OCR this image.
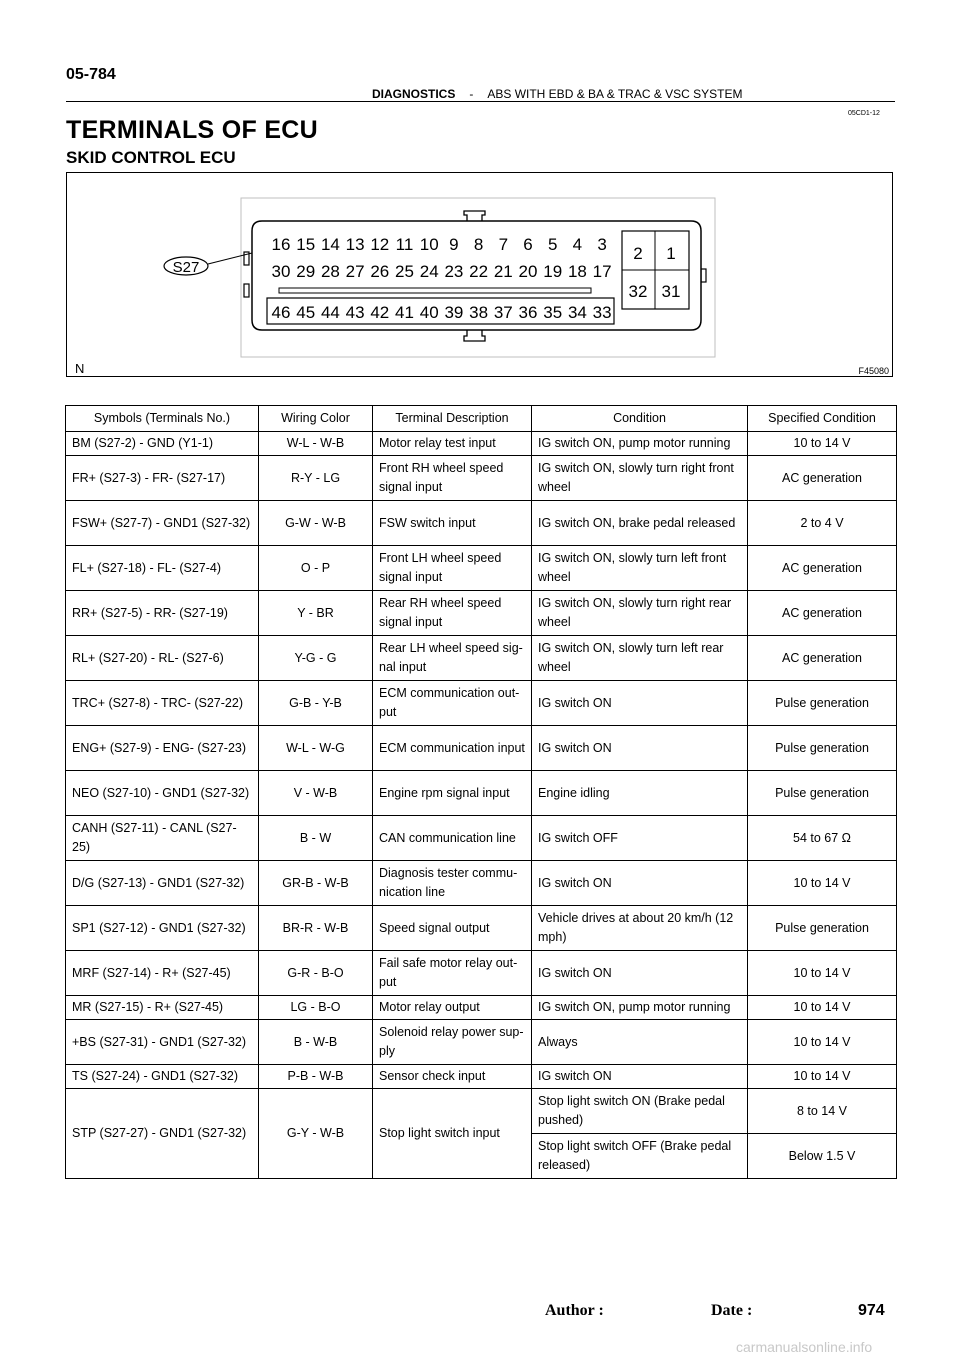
05-784
DIAGNOSTICS - ABS WITH EBD & BA & TRAC & VSC SYSTEM
05CD1-12
TERMINALS OF ECU
SKID CONTROL ECU
16 15 14 13 12 11 10 9 8 7 6 5 4 3
30 29 28 27 26 25 24 23 22 21 20 19 18 17
46 45 44 43 42 41 40 39 38 37 36 35 34 33
2 1
32 31
S27
N	F45080
Symbols (Terminals No.)	Wiring Color	Terminal Description	Condition	Specified Condition
BM (S27-2) - GND (Y1-1)	W-L - W-B	Motor relay test input	IG switch ON, pump motor running	10 to 14 V
FR+ (S27-3) - FR- (S27-17)	R-Y - LG	Front RH wheel speed signal input	IG switch ON, slowly turn right front wheel	AC generation
FSW+ (S27-7) - GND1 (S27-32)	G-W - W-B	FSW switch input	IG switch ON, brake pedal released	2 to 4 V
FL+ (S27-18) - FL- (S27-4)	O - P	Front LH wheel speed signal input	IG switch ON, slowly turn left front wheel	AC generation
RR+ (S27-5) - RR- (S27-19)	Y - BR	Rear RH wheel speed signal input	IG switch ON, slowly turn right rear wheel	AC generation
RL+ (S27-20) - RL- (S27-6)	Y-G - G	Rear LH wheel speed sig-nal input	IG switch ON, slowly turn left rear wheel	AC generation
TRC+ (S27-8) - TRC- (S27-22)	G-B - Y-B	ECM communication out-put	IG switch ON	Pulse generation
ENG+ (S27-9) - ENG- (S27-23)	W-L - W-G	ECM communication input	IG switch ON	Pulse generation
NEO (S27-10) - GND1 (S27-32)	V - W-B	Engine rpm signal input	Engine idling	Pulse generation
CANH (S27-11) - CANL (S27-25)	B - W	CAN communication line	IG switch OFF	54 to 67 Ω
D/G (S27-13) - GND1 (S27-32)	GR-B - W-B	Diagnosis tester commu-nication line	IG switch ON	10 to 14 V
SP1 (S27-12) - GND1 (S27-32)	BR-R - W-B	Speed signal output	Vehicle drives at about 20 km/h (12 mph)	Pulse generation
MRF (S27-14) - R+ (S27-45)	G-R - B-O	Fail safe motor relay out-put	IG switch ON	10 to 14 V
MR (S27-15) - R+ (S27-45)	LG - B-O	Motor relay output	IG switch ON, pump motor running	10 to 14 V
+BS (S27-31) - GND1 (S27-32)	B - W-B	Solenoid relay power sup-ply	Always	10 to 14 V
TS (S27-24) - GND1 (S27-32)	P-B - W-B	Sensor check input	IG switch ON	10 to 14 V
STP (S27-27) - GND1 (S27-32)	G-Y - W-B	Stop light switch input	Stop light switch ON (Brake pedal pushed)	8 to 14 V
			Stop light switch OFF (Brake pedal released)	Below 1.5 V
Author :	Date :	974
carmanualsonline.info
